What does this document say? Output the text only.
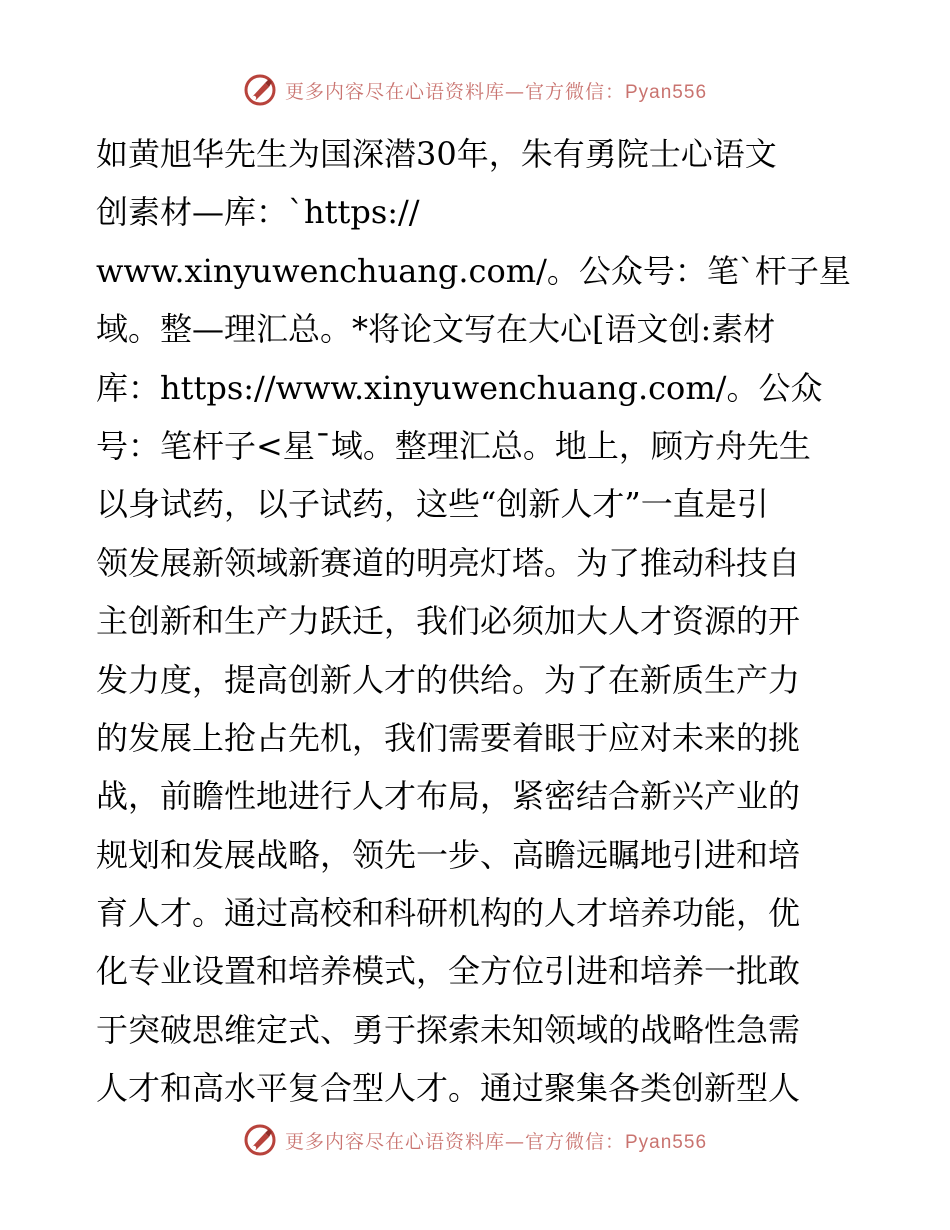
更多内容尽在心语资料库—官方微信：Pyan556
如黄旭华先生为国深潜30年，朱有勇院士心语文
创素材—库：`https://
www.xinyuwenchuang.com/。公众号：笔`杆子星
域。整—理汇总。*将论文写在大心[语文创:素材
库：https://www.xinyuwenchuang.com/。公众
号：笔杆子<星¯域。整理汇总。地上，顾方舟先生
以身试药，以子试药，这些“创新人才”一直是引
领发展新领域新赛道的明亮灯塔。为了推动科技自
主创新和生产力跃迁，我们必须加大人才资源的开
发力度，提高创新人才的供给。为了在新质生产力
的发展上抢占先机，我们需要着眼于应对未来的挑
战，前瞻性地进行人才布局，紧密结合新兴产业的
规划和发展战略，领先一步、高瞻远瞩地引进和培
育人才。通过高校和科研机构的人才培养功能，优
化专业设置和培养模式，全方位引进和培养一批敢
于突破思维定式、勇于探索未知领域的战略性急需
人才和高水平复合型人才。通过聚集各类创新型人
更多内容尽在心语资料库—官方微信：Pyan556
